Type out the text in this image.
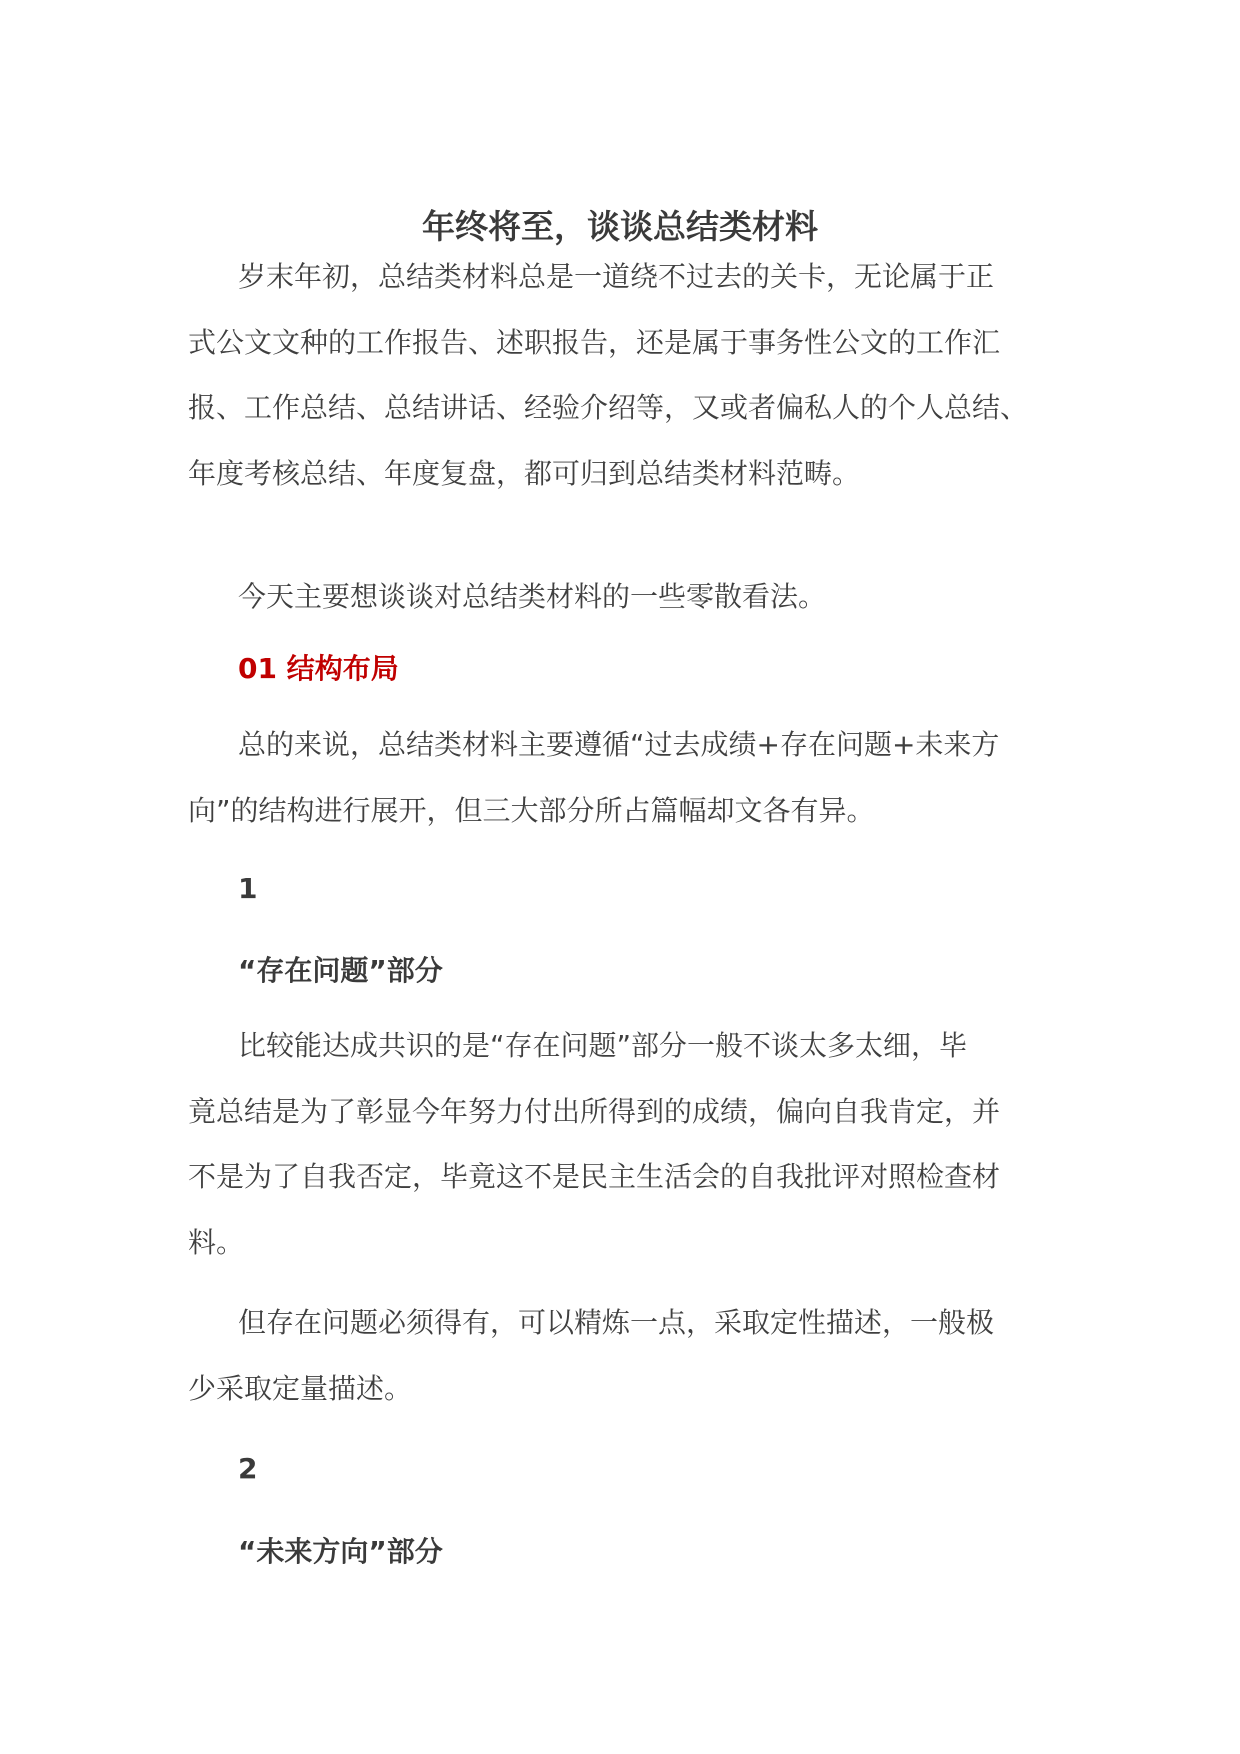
年终将至，谈谈总结类材料

岁末年初，总结类材料总是一道绕不过去的关卡，无论属于正
式公文文种的工作报告、述职报告，还是属于事务性公文的工作汇
报、工作总结、总结讲话、经验介绍等，又或者偏私人的个人总结、
年度考核总结、年度复盘，都可归到总结类材料范畴。

今天主要想谈谈对总结类材料的一些零散看法。

01 结构布局

总的来说，总结类材料主要遵循“过去成绩+存在问题+未来方
向”的结构进行展开，但三大部分所占篇幅却文各有异。

1
“存在问题”部分

比较能达成共识的是“存在问题”部分一般不谈太多太细，毕
竟总结是为了彰显今年努力付出所得到的成绩，偏向自我肯定，并
不是为了自我否定，毕竟这不是民主生活会的自我批评对照检查材
料。

但存在问题必须得有，可以精炼一点，采取定性描述，一般极
少采取定量描述。

2
“未来方向”部分
